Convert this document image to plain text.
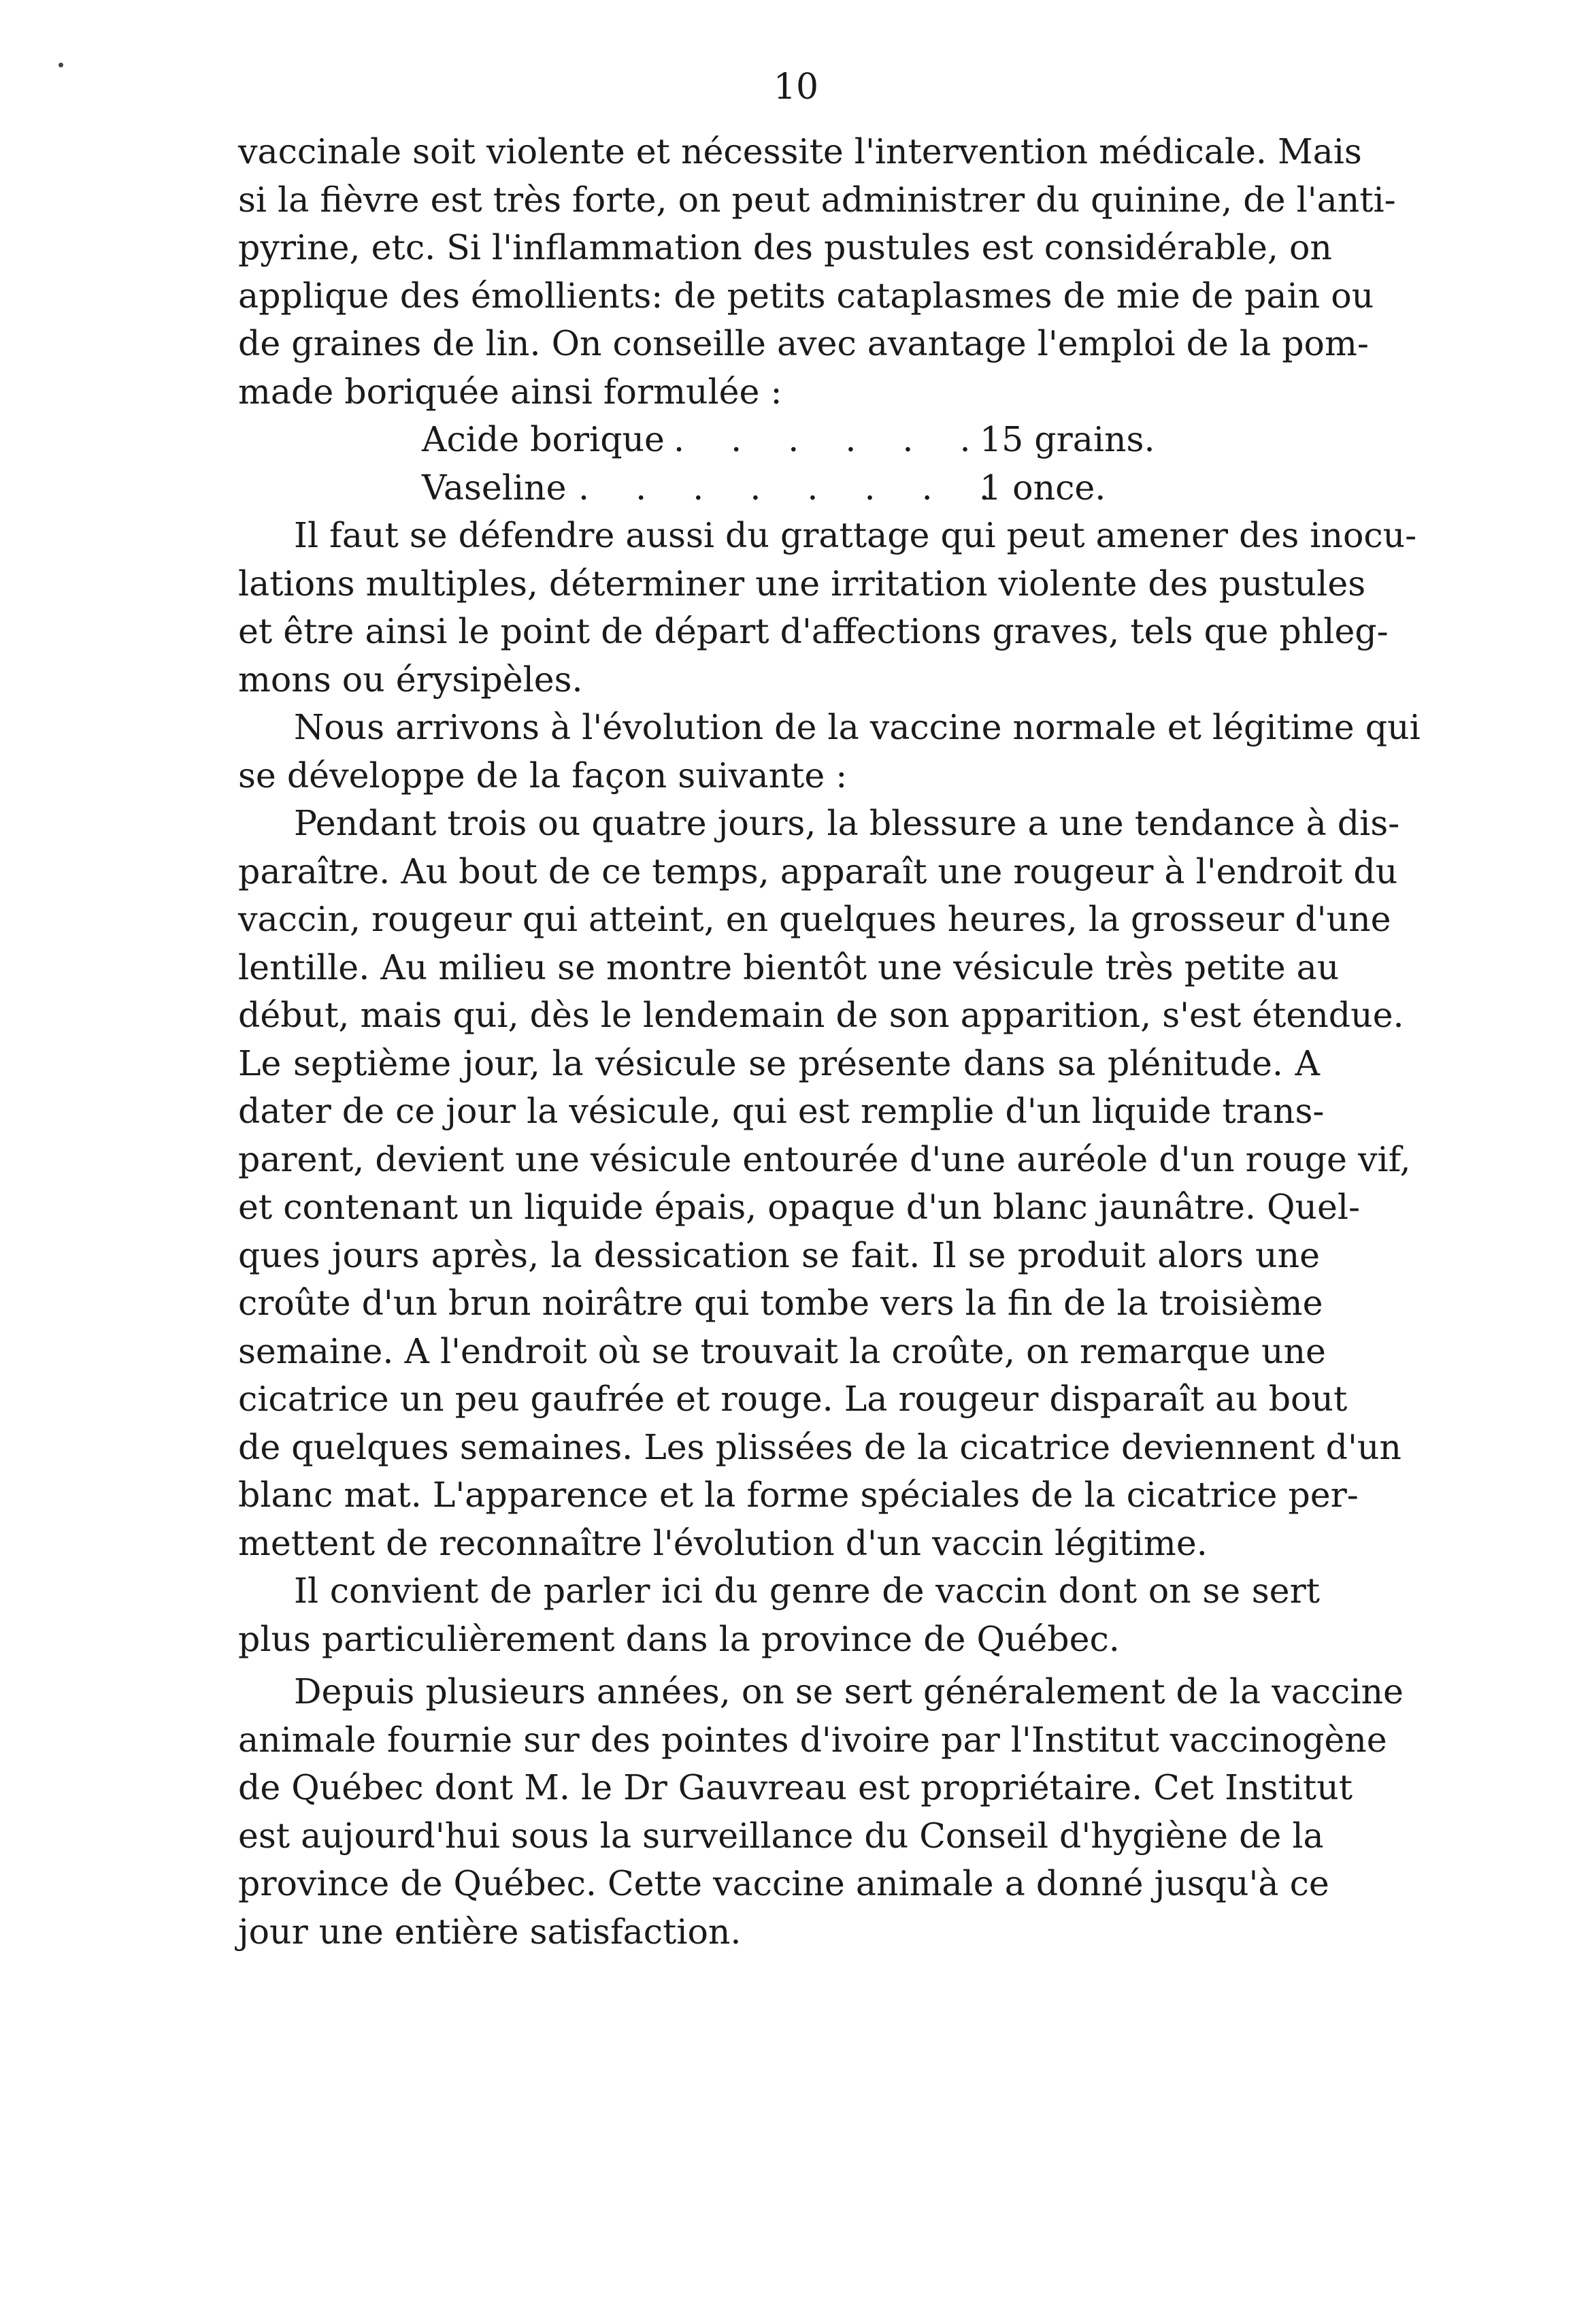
10
vaccinale soit violente et nécessite l'intervention médicale. Mais
si la fièvre est très forte, on peut administrer du quinine, de l'anti-
pyrine, etc. Si l'inflammation des pustules est considérable, on
applique des émollients: de petits cataplasmes de mie de pain ou
de graines de lin. On conseille avec avantage l'emploi de la pom-
made boriquée ainsi formulée :
Acide borique . . . . . .
15 grains.
Vaseline . . . . . . . .
1 once.
Il faut se défendre aussi du grattage qui peut amener des inocu-
lations multiples, déterminer une irritation violente des pustules
et être ainsi le point de départ d'affections graves, tels que phleg-
mons ou érysipèles.
Nous arrivons à l'évolution de la vaccine normale et légitime qui
se développe de la façon suivante :
Pendant trois ou quatre jours, la blessure a une tendance à dis-
paraître. Au bout de ce temps, apparaît une rougeur à l'endroit du
vaccin, rougeur qui atteint, en quelques heures, la grosseur d'une
lentille. Au milieu se montre bientôt une vésicule très petite au
début, mais qui, dès le lendemain de son apparition, s'est étendue.
Le septième jour, la vésicule se présente dans sa plénitude. A
dater de ce jour la vésicule, qui est remplie d'un liquide trans-
parent, devient une vésicule entourée d'une auréole d'un rouge vif,
et contenant un liquide épais, opaque d'un blanc jaunâtre. Quel-
ques jours après, la dessication se fait. Il se produit alors une
croûte d'un brun noirâtre qui tombe vers la fin de la troisième
semaine. A l'endroit où se trouvait la croûte, on remarque une
cicatrice un peu gaufrée et rouge. La rougeur disparaît au bout
de quelques semaines. Les plissées de la cicatrice deviennent d'un
blanc mat. L'apparence et la forme spéciales de la cicatrice per-
mettent de reconnaître l'évolution d'un vaccin légitime.
Il convient de parler ici du genre de vaccin dont on se sert
plus particulièrement dans la province de Québec.
Depuis plusieurs années, on se sert généralement de la vaccine
animale fournie sur des pointes d'ivoire par l'Institut vaccinogène
de Québec dont M. le Dr Gauvreau est propriétaire. Cet Institut
est aujourd'hui sous la surveillance du Conseil d'hygiène de la
province de Québec. Cette vaccine animale a donné jusqu'à ce
jour une entière satisfaction.
